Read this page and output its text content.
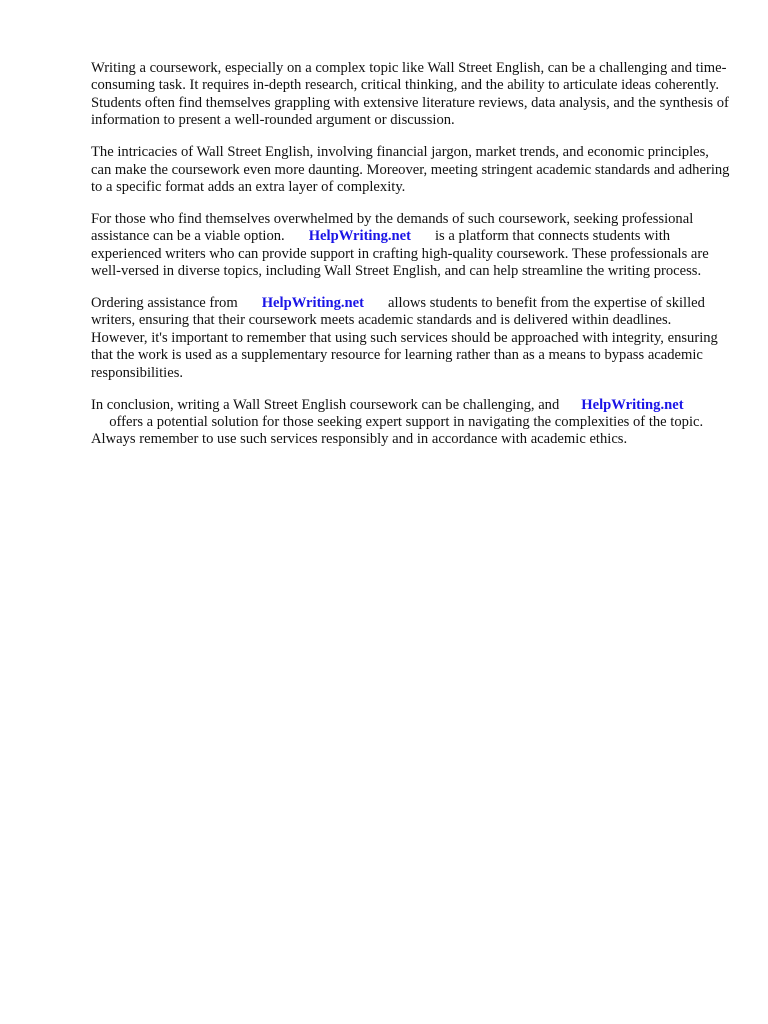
Writing a coursework, especially on a complex topic like Wall Street English, can be a challenging and time-consuming task. It requires in-depth research, critical thinking, and the ability to articulate ideas coherently. Students often find themselves grappling with extensive literature reviews, data analysis, and the synthesis of information to present a well-rounded argument or discussion.

The intricacies of Wall Street English, involving financial jargon, market trends, and economic principles, can make the coursework even more daunting. Moreover, meeting stringent academic standards and adhering to a specific format adds an extra layer of complexity.

For those who find themselves overwhelmed by the demands of such coursework, seeking professional assistance can be a viable option. HelpWriting.net is a platform that connects students with experienced writers who can provide support in crafting high-quality coursework. These professionals are well-versed in diverse topics, including Wall Street English, and can help streamline the writing process.

Ordering assistance from HelpWriting.net allows students to benefit from the expertise of skilled writers, ensuring that their coursework meets academic standards and is delivered within deadlines. However, it's important to remember that using such services should be approached with integrity, ensuring that the work is used as a supplementary resource for learning rather than as a means to bypass academic responsibilities.

In conclusion, writing a Wall Street English coursework can be challenging, and HelpWriting.net
  offers a potential solution for those seeking expert support in navigating the complexities of the topic. Always remember to use such services responsibly and in accordance with academic ethics.
